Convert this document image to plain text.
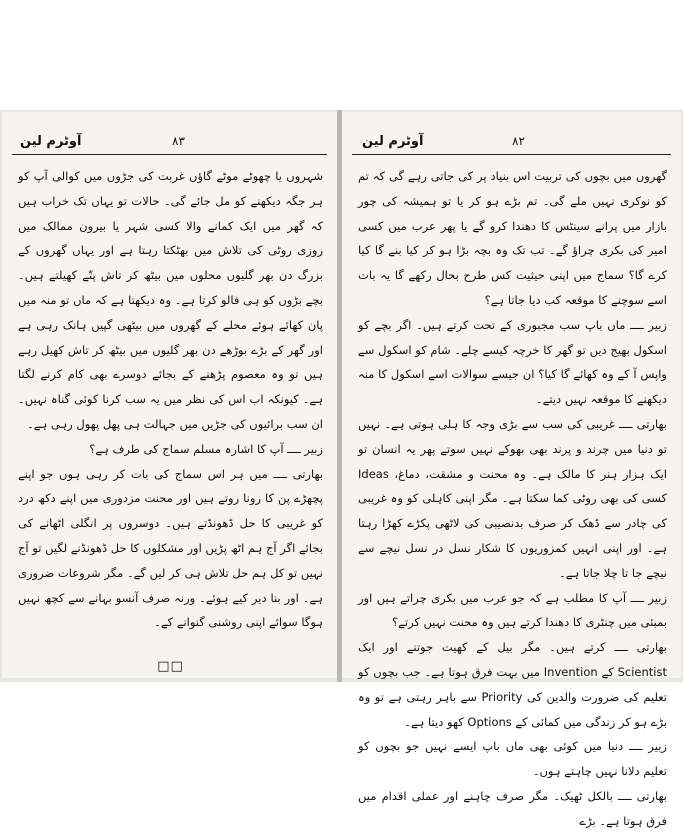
آوٹرم لین	۸۳

شہروں یا چھوٹے موٹے گاؤں غربت کی جڑوں میں کوالی آپ کو ہر جگہ دیکھنے کو مل جائے گی۔ حالات تو یہاں تک خراب ہیں کہ گھر میں ایک کمانے والا کسی شہر یا بیرون ممالک میں روزی روٹی کی تلاش میں بھٹکتا رہتا ہے اور یہاں گھروں کے بزرگ دن بھر گلیوں محلوں میں بیٹھ کر تاش پتّے کھیلتے ہیں۔ بچے بڑوں کو ہی فالو کرتا ہے۔ وہ دیکھتا ہے کہ ماں تو منہ میں پان کھائے ہوئے محلے کے گھروں میں بیٹھی گپیں ہانک رہی ہے اور گھر کے بڑے بوڑھے دن بھر گلیوں میں بیٹھ کر تاش کھیل رہے ہیں تو وہ معصوم پڑھنے کے بجائے دوسرے بھی کام کرنے لگتا ہے۔ کیونکہ اب اس کی نظر میں یہ سب کرنا کوئی گناہ نہیں۔ ان سب برائیوں کی جڑیں میں جہالت ہی پھل پھول رہی ہے۔

زبیر ــــ آپ کا اشارہ مسلم سماج کی طرف ہے؟

بھارتی ــــ میں ہر اس سماج کی بات کر رہی ہوں جو اپنے پچھڑے پن کا رونا روتے ہیں اور محنت مزدوری میں اپنے دکھ درد کو غریبی کا حل ڈھونڈتے ہیں۔ دوسروں پر انگلی اٹھانے کی بجائے اگر آج ہم اٹھ پڑیں اور مشکلوں کا حل ڈھونڈنے لگیں تو آج نہیں تو کل ہم حل تلاش ہی کر لیں گے۔ مگر شروعات ضروری ہے۔ اور بنا دیر کیے ہوئے۔ ورنہ صرف آنسو بہانے سے کچھ نہیں ہوگا سوائے اپنی روشنی گنوانے کے۔

□□
آوٹرم لین	۸۲

گھروں میں بچوں کی تربیت اس بنیاد پر کی جاتی رہے گی کہ تم کو نوکری نہیں ملے گی۔ تم بڑے ہو کر یا تو ہمیشہ کی چور بازار میں پرانے سینٹس کا دھندا کرو گے یا پھر عرب میں کسی امیر کی بکری چراؤ گے۔ تب تک وہ بچہ بڑا ہو کر کیا بنے گا کیا کرے گا؟ سماج میں اپنی حیثیت کس طرح بحال رکھے گا یہ بات اسے سوچنے کا موقعہ کب دیا جاتا ہے؟

زبیر ــــ ماں باپ سب مجبوری کے تحت کرتے ہیں۔ اگر بچے کو اسکول بھیج دیں تو گھر کا خرچہ کیسے چلے۔ شام کو اسکول سے واپس آ کے وہ کھائے گا کیا؟ ان جیسے سوالات اسے اسکول کا منہ دیکھنے کا موقعہ نہیں دیتے۔

بھارتی ــــ غریبی کی سب سے بڑی وجہ کا ہلی ہوتی ہے۔ نہیں تو دنیا میں چرند و پرند بھی بھوکے نہیں سوتے پھر یہ انسان تو ایک ہزار ہنر کا مالک ہے۔ وہ محنت و مشقت، دماغ، Ideas کسی کی بھی روٹی کما سکتا ہے۔ مگر اپنی کاہلی کو وہ غریبی کی چادر سے ڈھک کر صرف بدنصیبی کی لاٹھی پکڑے کھڑا رہتا ہے۔ اور اپنی انہیں کمزوریوں کا شکار نسل در نسل نیچے سے نیچے جا تا چلا جاتا ہے۔

زبیر ــــ آپ کا مطلب ہے کہ جو عرب میں بکری چراتے ہیں اور بمبئی میں چنٹری کا دھندا کرتے ہیں وہ محنت نہیں کرتے؟

بھارتی ــــ کرتے ہیں۔ مگر بیل کے کھیت جوتنے اور ایک Scientist کے Invention میں بہت فرق ہوتا ہے۔ جب بچوں کو تعلیم کی ضرورت والدین کی Priority سے باہر رہتی ہے تو وہ بڑے ہو کر زندگی میں کمائی کے Options کھو دیتا ہے۔

زبیر ــــ دنیا میں کوئی بھی ماں باپ ایسے نہیں جو بچوں کو تعلیم دلانا نہیں چاہتے ہوں۔

بھارتی ــــ بالکل ٹھیک۔ مگر صرف چاہنے اور عملی اقدام میں فرق ہوتا ہے۔ بڑے
